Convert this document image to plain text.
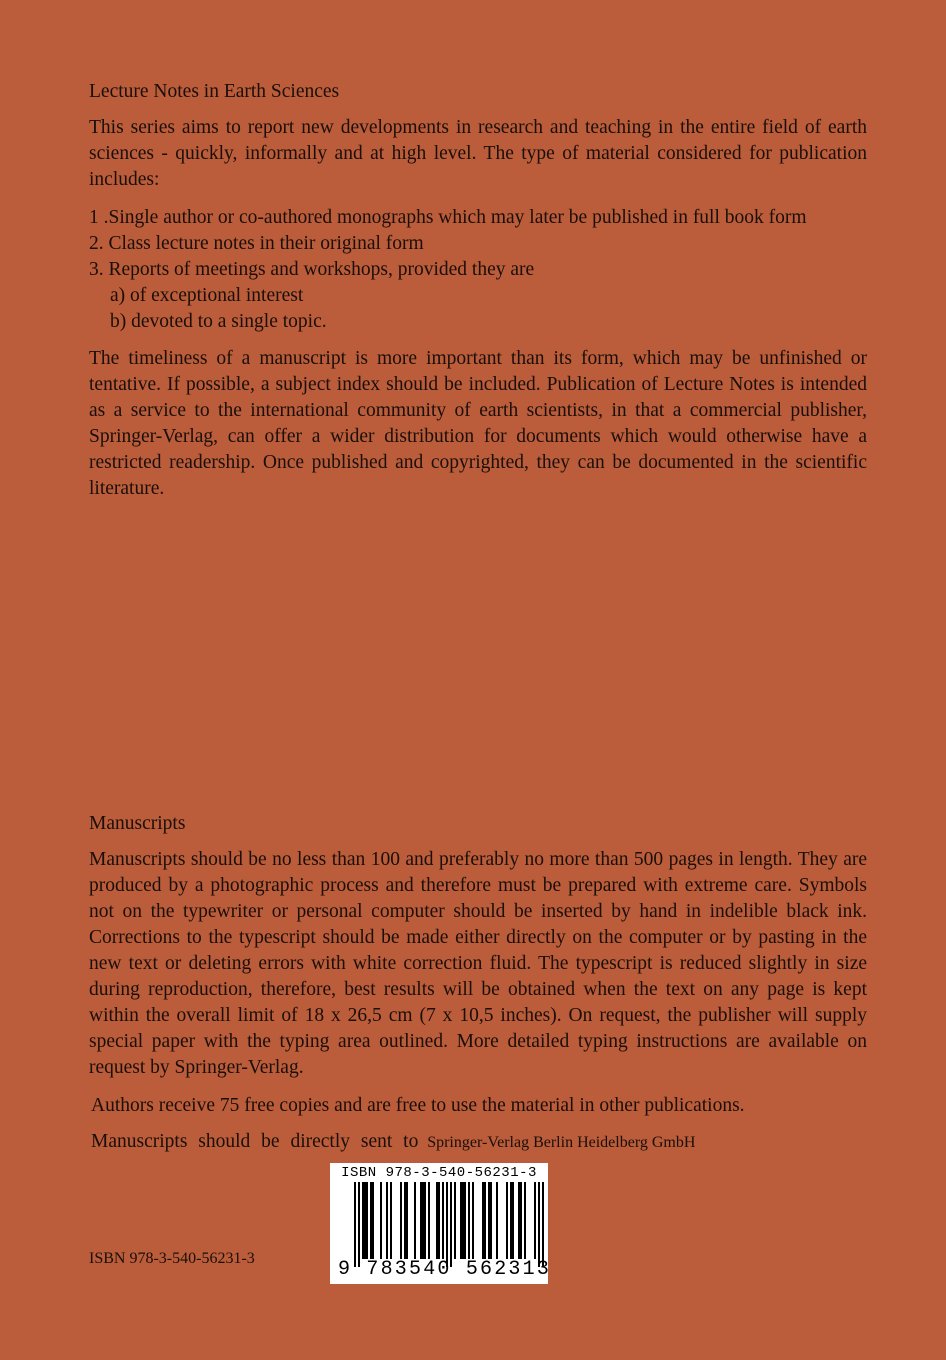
Lecture Notes in Earth Sciences

This series aims to report new developments in research and teaching in the entire field of earth sciences - quickly, informally and at high level. The type of material considered for publication includes:

1 .Single author or co-authored monographs which may later be published in full book form
2. Class lecture notes in their original form
3. Reports of meetings and workshops, provided they are
a) of exceptional interest
b) devoted to a single topic.

The timeliness of a manuscript is more important than its form, which may be unfinished or tentative. If possible, a subject index should be included. Publication of Lecture Notes is intended as a service to the international community of earth scientists, in that a commercial publisher, Springer-Verlag, can offer a wider distribution for documents which would otherwise have a restricted readership. Once published and copyrighted, they can be documented in the scientific literature.

Manuscripts

Manuscripts should be no less than 100 and preferably no more than 500 pages in length. They are produced by a photographic process and therefore must be prepared with extreme care. Symbols not on the typewriter or personal computer should be inserted by hand in indelible black ink. Corrections to the typescript should be made either directly on the computer or by pasting in the new text or deleting errors with white correction fluid. The typescript is reduced slightly in size during reproduction, therefore, best results will be obtained when the text on any page is kept within the overall limit of 18 x 26,5 cm (7 x 10,5 inches). On request, the publisher will supply special paper with the typing area outlined. More detailed typing instructions are available on request by Springer-Verlag.

Authors receive 75 free copies and are free to use the material in other publications.

Manuscripts should be directly sent to Springer-Verlag Berlin Heidelberg GmbH
ISBN 978-3-540-56231-3
ISBN 978-3-540-56231-3
9 783540 562313
